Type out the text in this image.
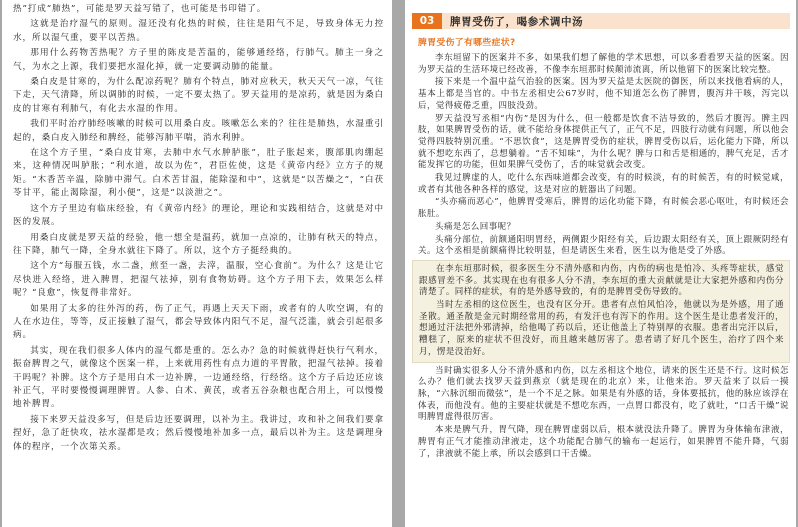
热”打成“肺热”，可能是罗天益写错了，也可能是书印错了。

这就是治疗湿气的原则。湿还没有化热的时候，往往是阳气不足，导致身体无力控水，所以湿气重，要平以苦热。

那用什么药物苦热呢？方子里的陈皮是苦温的，能够通经络，行肺气。肺主一身之气，为水之上源，我们要把水湿化掉，就一定要调动肺的能量。

桑白皮是甘寒的，为什么配凉药呢？肺有个特点，肺对应秋天，秋天天气一凉，气往下走，天气清降，所以调肺的时候，一定不要太热了。罗天益用的是凉药，就是因为桑白皮的甘寒有利肺气，有化去水湿的作用。

我们平时治疗肺经咳嗽的时候可以用桑白皮。咳嗽怎么来的？往往是肺热，水湿重引起的，桑白皮入肺经和脾经，能够泻肺平喘，消水利肿。

在这个方子里，“桑白皮甘寒，去肺中水气水肿胪胀”，肚子胀起来，腹部肌肉绷起来，这种情况叫胪胀；“利水道，故以为佐”，君臣佐使，这是《黄帝内经》立方子的规矩。“木香苦辛温，除肺中滞气。白术苦甘温，能除湿和中”，这就是“以苦燥之”，“白茯苓甘平，能止渴除湿，利小便”，这是“以淡泄之”。

这个方子里边有临床经验，有《黄帝内经》的理论，理论和实践相结合，这就是对中医的发展。

用桑白皮就是罗天益的经验，他一想全是温药，就加一点凉的，让肺有秋天的特点，往下降，肺气一降，全身水就往下降了。所以，这个方子挺经典的。

这个方“每服五钱，水二盏，煎至一盏，去滓，温服，空心食前”。为什么？这是让它尽快进入经络，进入脾胃，把湿气祛掉，别有食物妨碍。这个方子用下去，效果怎么样呢？“良愈”，恢复得非常好。

如果用了太多的往外泻的药，伤了正气，再遇上天天下雨，或者有的人吹空调，有的人在水边住，等等，反正接触了湿气，都会导致体内阳气不足，湿气泛滥，就会引起很多病。

其实，现在我们很多人体内的湿气都是重的。怎么办？急的时候就得赶快行气利水，振奋脾胃之气，就像这个医案一样，上来就用药性有点力道的平胃散，把湿气祛掉。接着干吗呢？补脾。这个方子是用白术一边补脾，一边通经络，行经络。这个方子后边还应该补正气，平时要慢慢调理脾胃。人参、白术、黄芪，或者五谷杂粮也配合用上，可以慢慢地补脾胃。

接下来罗天益没多写，但是后边还要调理，以补为主。我讲过，攻和补之间我们要拿捏好，急了赶快攻，祛水湿都是攻；然后慢慢地补加多一点，最后以补为主。这是调理身体的程序，一个次第关系。

03	脾胃受伤了，喝参术调中汤
脾胃受伤了有哪些症状?

李东垣留下的医案并不多，如果我们想了解他的学术思想，可以多看看罗天益的医案。因为罗天益的生活环境已经改善，不像李东垣那时候颠沛流离，所以他留下的医案比较完整。

接下来是一个温中益气治验的医案。因为罗天益是太医院的御医，所以来找他看病的人，基本上都是当官的。中书左丞相史公67岁时，他不知道怎么伤了脾胃，腹泻并干咳，泻完以后，觉得疲倦乏重，四肢没劲。

罗天益没写丞相“内伤”是因为什么，但一般都是饮食不洁导致的，然后才腹泻。脾主四肢，如果脾胃受伤的话，就不能给身体提供正气了，正气不足，四肢行动就有问题，所以他会觉得四肢特别沉重。“不思饮食”，这是脾胃受伤的症状，脾胃受伤以后，运化能力下降，所以就不想吃东西了，总想躺着。“舌不知味”，为什么呢？脾与口和舌是相通的，脾气充足，舌才能发挥它的功能，但如果脾气受伤了，舌的味觉就会改变。

我见过脾虚的人，吃什么东西味道都会改变，有的时候淡，有的时候苦，有的时候觉咸，或者有其他各种各样的感觉，这是对应的脏器出了问题。

“头亦痛而恶心”，他脾胃受寒后，脾胃的运化功能下降，有时候会恶心呕吐，有时候还会胀肚。

头痛是怎么回事呢？

头痛分部位，前额通阳明胃经，两侧跟少阳经有关，后边跟太阳经有关，顶上跟厥阴经有关。这个丞相是前额痛得比较明显，但是请医生来看，医生以为他是受了外感。

在李东垣那时候，很多医生分不清外感和内伤，内伤的病也是怕冷、头疼等症状，感觉跟感冒差不多。其实现在也有很多人分不清，李东垣的重大贡献就是让大家把外感和内伤分清楚了。同样的症状，有的是外感导致的，有的是脾胃受伤导致的。

当时左丞相的这位医生，也没有区分开。患者有点怕风怕冷，他就以为是外感，用了通圣散。通圣散是金元时期经常用的药，有发汗也有泻下的作用。这个医生是让患者发汗的，想通过汗法把外邪清掉，给他喝了药以后，还让他盖上了特别厚的衣服。患者出完汗以后，糟糕了，原来的症状不但没好，而且越来越厉害了。患者请了好几个医生，治疗了四个来月，愣是没治好。

当时确实很多人分不清外感和内伤，以左丞相这个地位，请来的医生还是不行。这时候怎么办？他们就去找罗天益到燕京（就是现在的北京）来，让他来治。罗天益来了以后一摸脉，“六脉沉细而微弦”，是一个不足之脉。如果是有外感的话，身体要抵抗，他的脉应该浮在体表，而他没有。他的主要症状就是不想吃东西，一点胃口都没有，吃了就吐，“口舌干燥”说明脾胃虚得很厉害。

本来是脾气升，胃气降，现在脾胃虚弱以后，根本就没法升降了。脾胃为身体输布津液，脾胃有正气才能推动津液走，这个功能配合肺气的输布一起运行，如果脾胃不能升降，气弱了，津液就不能上承，所以会感到口干舌燥。
